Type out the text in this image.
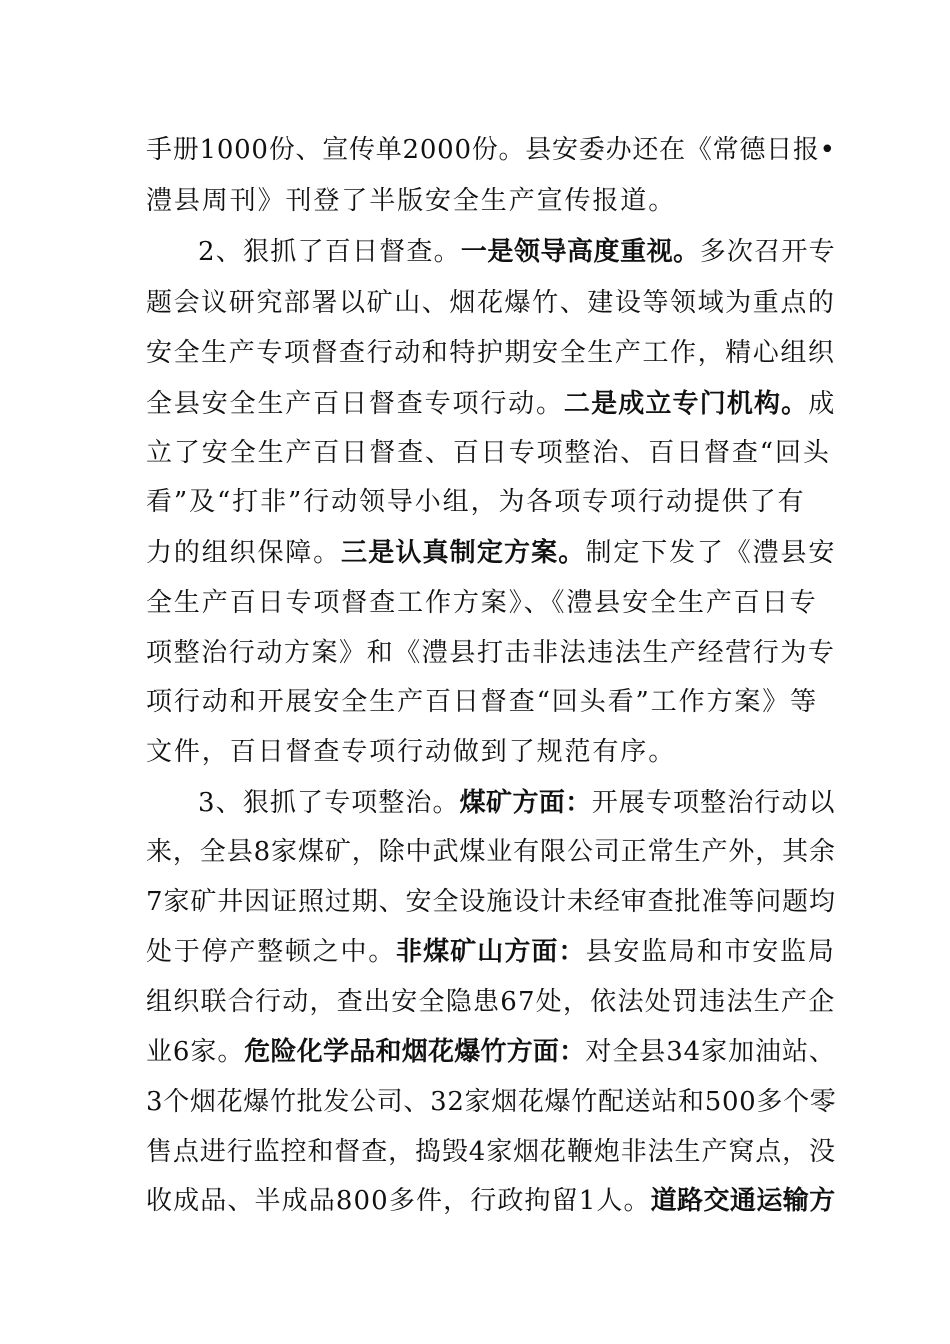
手册1000份、宣传单2000份。县安委办还在《常德日报•
澧县周刊》刊登了半版安全生产宣传报道。
2、狠抓了百日督查。一是领导高度重视。多次召开专
题会议研究部署以矿山、烟花爆竹、建设等领域为重点的
安全生产专项督查行动和特护期安全生产工作，精心组织
全县安全生产百日督查专项行动。二是成立专门机构。成
立了安全生产百日督查、百日专项整治、百日督查“回头
看”及“打非”行动领导小组，为各项专项行动提供了有
力的组织保障。三是认真制定方案。制定下发了《澧县安
全生产百日专项督查工作方案》、《澧县安全生产百日专
项整治行动方案》和《澧县打击非法违法生产经营行为专
项行动和开展安全生产百日督查“回头看”工作方案》等
文件，百日督查专项行动做到了规范有序。
3、狠抓了专项整治。煤矿方面：开展专项整治行动以
来，全县8家煤矿，除中武煤业有限公司正常生产外，其余
7家矿井因证照过期、安全设施设计未经审查批准等问题均
处于停产整顿之中。非煤矿山方面：县安监局和市安监局
组织联合行动，查出安全隐患67处，依法处罚违法生产企
业6家。危险化学品和烟花爆竹方面：对全县34家加油站、
3个烟花爆竹批发公司、32家烟花爆竹配送站和500多个零
售点进行监控和督查，捣毁4家烟花鞭炮非法生产窝点，没
收成品、半成品800多件，行政拘留1人。道路交通运输方
